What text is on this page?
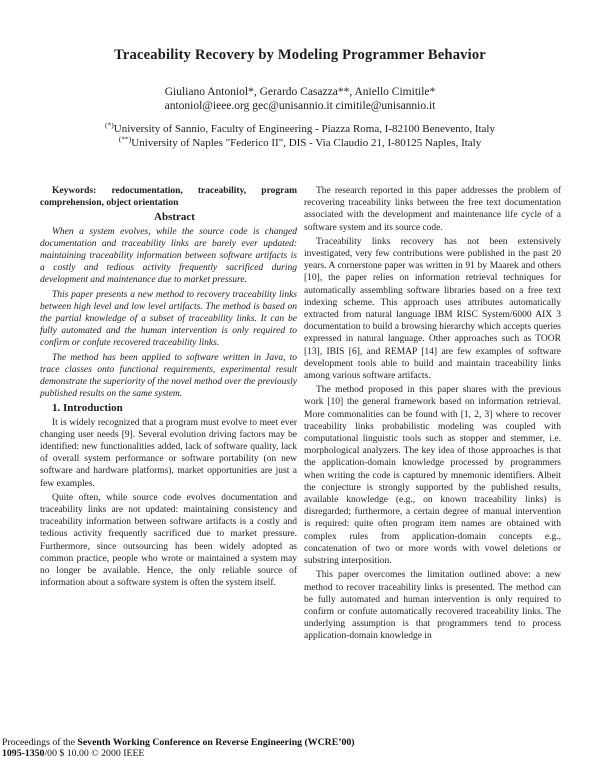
Traceability Recovery by Modeling Programmer Behavior
Giuliano Antoniol*, Gerardo Casazza**, Aniello Cimitile*
antoniol@ieee.org gec@unisannio.it cimitile@unisannio.it
(*)University of Sannio, Faculty of Engineering - Piazza Roma, I-82100 Benevento, Italy
(**)University of Naples "Federico II", DIS - Via Claudio 21, I-80125 Naples, Italy

Keywords: redocumentation, traceability, program comprehension, object orientation

Abstract

When a system evolves, while the source code is changed documentation and traceability links are barely ever updated: maintaining traceability information between software artifacts is a costly and tedious activity frequently sacrificed during development and maintenance due to market pressure.

This paper presents a new method to recovery traceability links between high level and low level artifacts. The method is based on the partial knowledge of a subset of traceability links. It can be fully automated and the human intervention is only required to confirm or confute recovered traceability links.

The method has been applied to software written in Java, to trace classes onto functional requirements, experimental result demonstrate the superiority of the novel method over the previously published results on the same system.

1. Introduction

It is widely recognized that a program must evolve to meet ever changing user needs [9]. Several evolution driving factors may be identified: new functionalities added, lack of software quality, lack of overall system performance or software portability (on new software and hardware platforms), market opportunities are just a few examples.

Quite often, while source code evolves documentation and traceability links are not updated: maintaining consistency and traceability information between software artifacts is a costly and tedious activity frequently sacrificed due to market pressure. Furthermore, since outsourcing has been widely adopted as common practice, people who wrote or maintained a system may no longer be available. Hence, the only reliable source of information about a software system is often the system itself.

The research reported in this paper addresses the problem of recovering traceability links between the free text documentation associated with the development and maintenance life cycle of a software system and its source code.

Traceability links recovery has not been extensively investigated, very few contributions were published in the past 20 years. A cornerstone paper was written in 91 by Maarek and others [10], the paper relies on information retrieval techniques for automatically assembling software libraries based on a free text indexing scheme. This approach uses attributes automatically extracted from natural language IBM RISC System/6000 AIX 3 documentation to build a browsing hierarchy which accepts queries expressed in natural language. Other approaches such as TOOR [13], IBIS [6], and REMAP [14] are few examples of software development tools able to build and maintain traceability links among various software artifacts.

The method proposed in this paper shares with the previous work [10] the general framework based on information retrieval. More commonalities can be found with [1, 2, 3] where to recover traceability links probabilistic modeling was coupled with computational linguistic tools such as stopper and stemmer, i.e. morphological analyzers. The key idea of those approaches is that the application-domain knowledge processed by programmers when writing the code is captured by mnemonic identifiers. Albeit the conjecture is strongly supported by the published results, available knowledge (e.g., on known traceability links) is disregarded; furthermore, a certain degree of manual intervention is required: quite often program item names are obtained with complex rules from application-domain concepts e.g., concatenation of two or more words with vowel deletions or substring interposition.

This paper overcomes the limitation outlined above: a new method to recover traceability links is presented. The method can be fully automated and human intervention is only required to confirm or confute automatically recovered traceability links. The underlying assumption is that programmers tend to process application-domain knowledge in

Proceedings of the Seventh Working Conference on Reverse Engineering (WCRE’00)
1095-1350/00 $ 10.00 © 2000 IEEE
